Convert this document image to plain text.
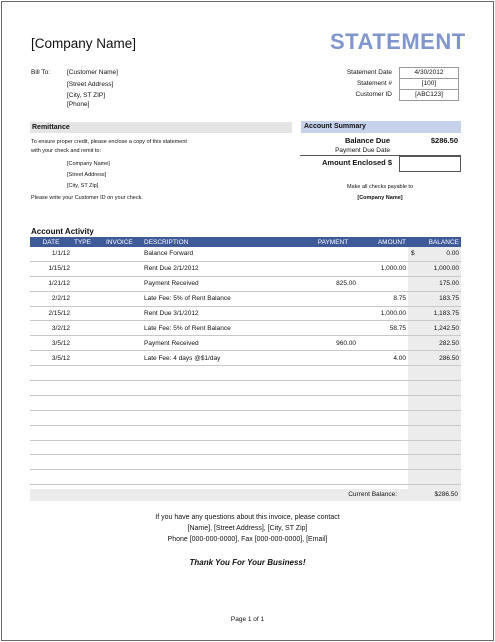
[Company Name]	STATEMENT
Bill To:	[Customer Name]
[Street Address]
[City, ST ZIP]
[Phone]
Statement Date	4/30/2012
Statement #	[100]
Customer ID	[ABC123]
Remittance
To ensure proper credit, please enclose a copy of this statement
with your check and remit to:
[Company Name]
[Street Address]
[City, ST Zip]
Please write your Customer ID on your check.
Account Summary
Balance Due	$286.50
Payment Due Date
Amount Enclosed $
Make all checks payable to
[Company Name]
Account Activity
DATE	TYPE	INVOICE	DESCRIPTION	PAYMENT	AMOUNT	BALANCE
1/1/12			Balance Forward			$ 0.00

1/15/12			Rent Due 2/1/2012		1,000.00	1,000.00

1/21/12			Payment Received	825.00		175.00

2/2/12			Late Fee: 5% of Rent Balance		8.75	183.75

2/15/12			Rent Due 3/1/2012		1,000.00	1,183.75

3/2/12			Late Fee: 5% of Rent Balance		58.75	1,242.50

3/5/12			Payment Received	960.00		282.50

3/5/12			Late Fee: 4 days @$1/day		4.00	286.50

Current Balance:	$286.50
If you have any questions about this invoice, please contact
[Name], [Street Address], [City, ST Zip]
Phone [000-000-0000], Fax [000-000-0000], [Email]
Thank You For Your Business!
Page 1 of 1
